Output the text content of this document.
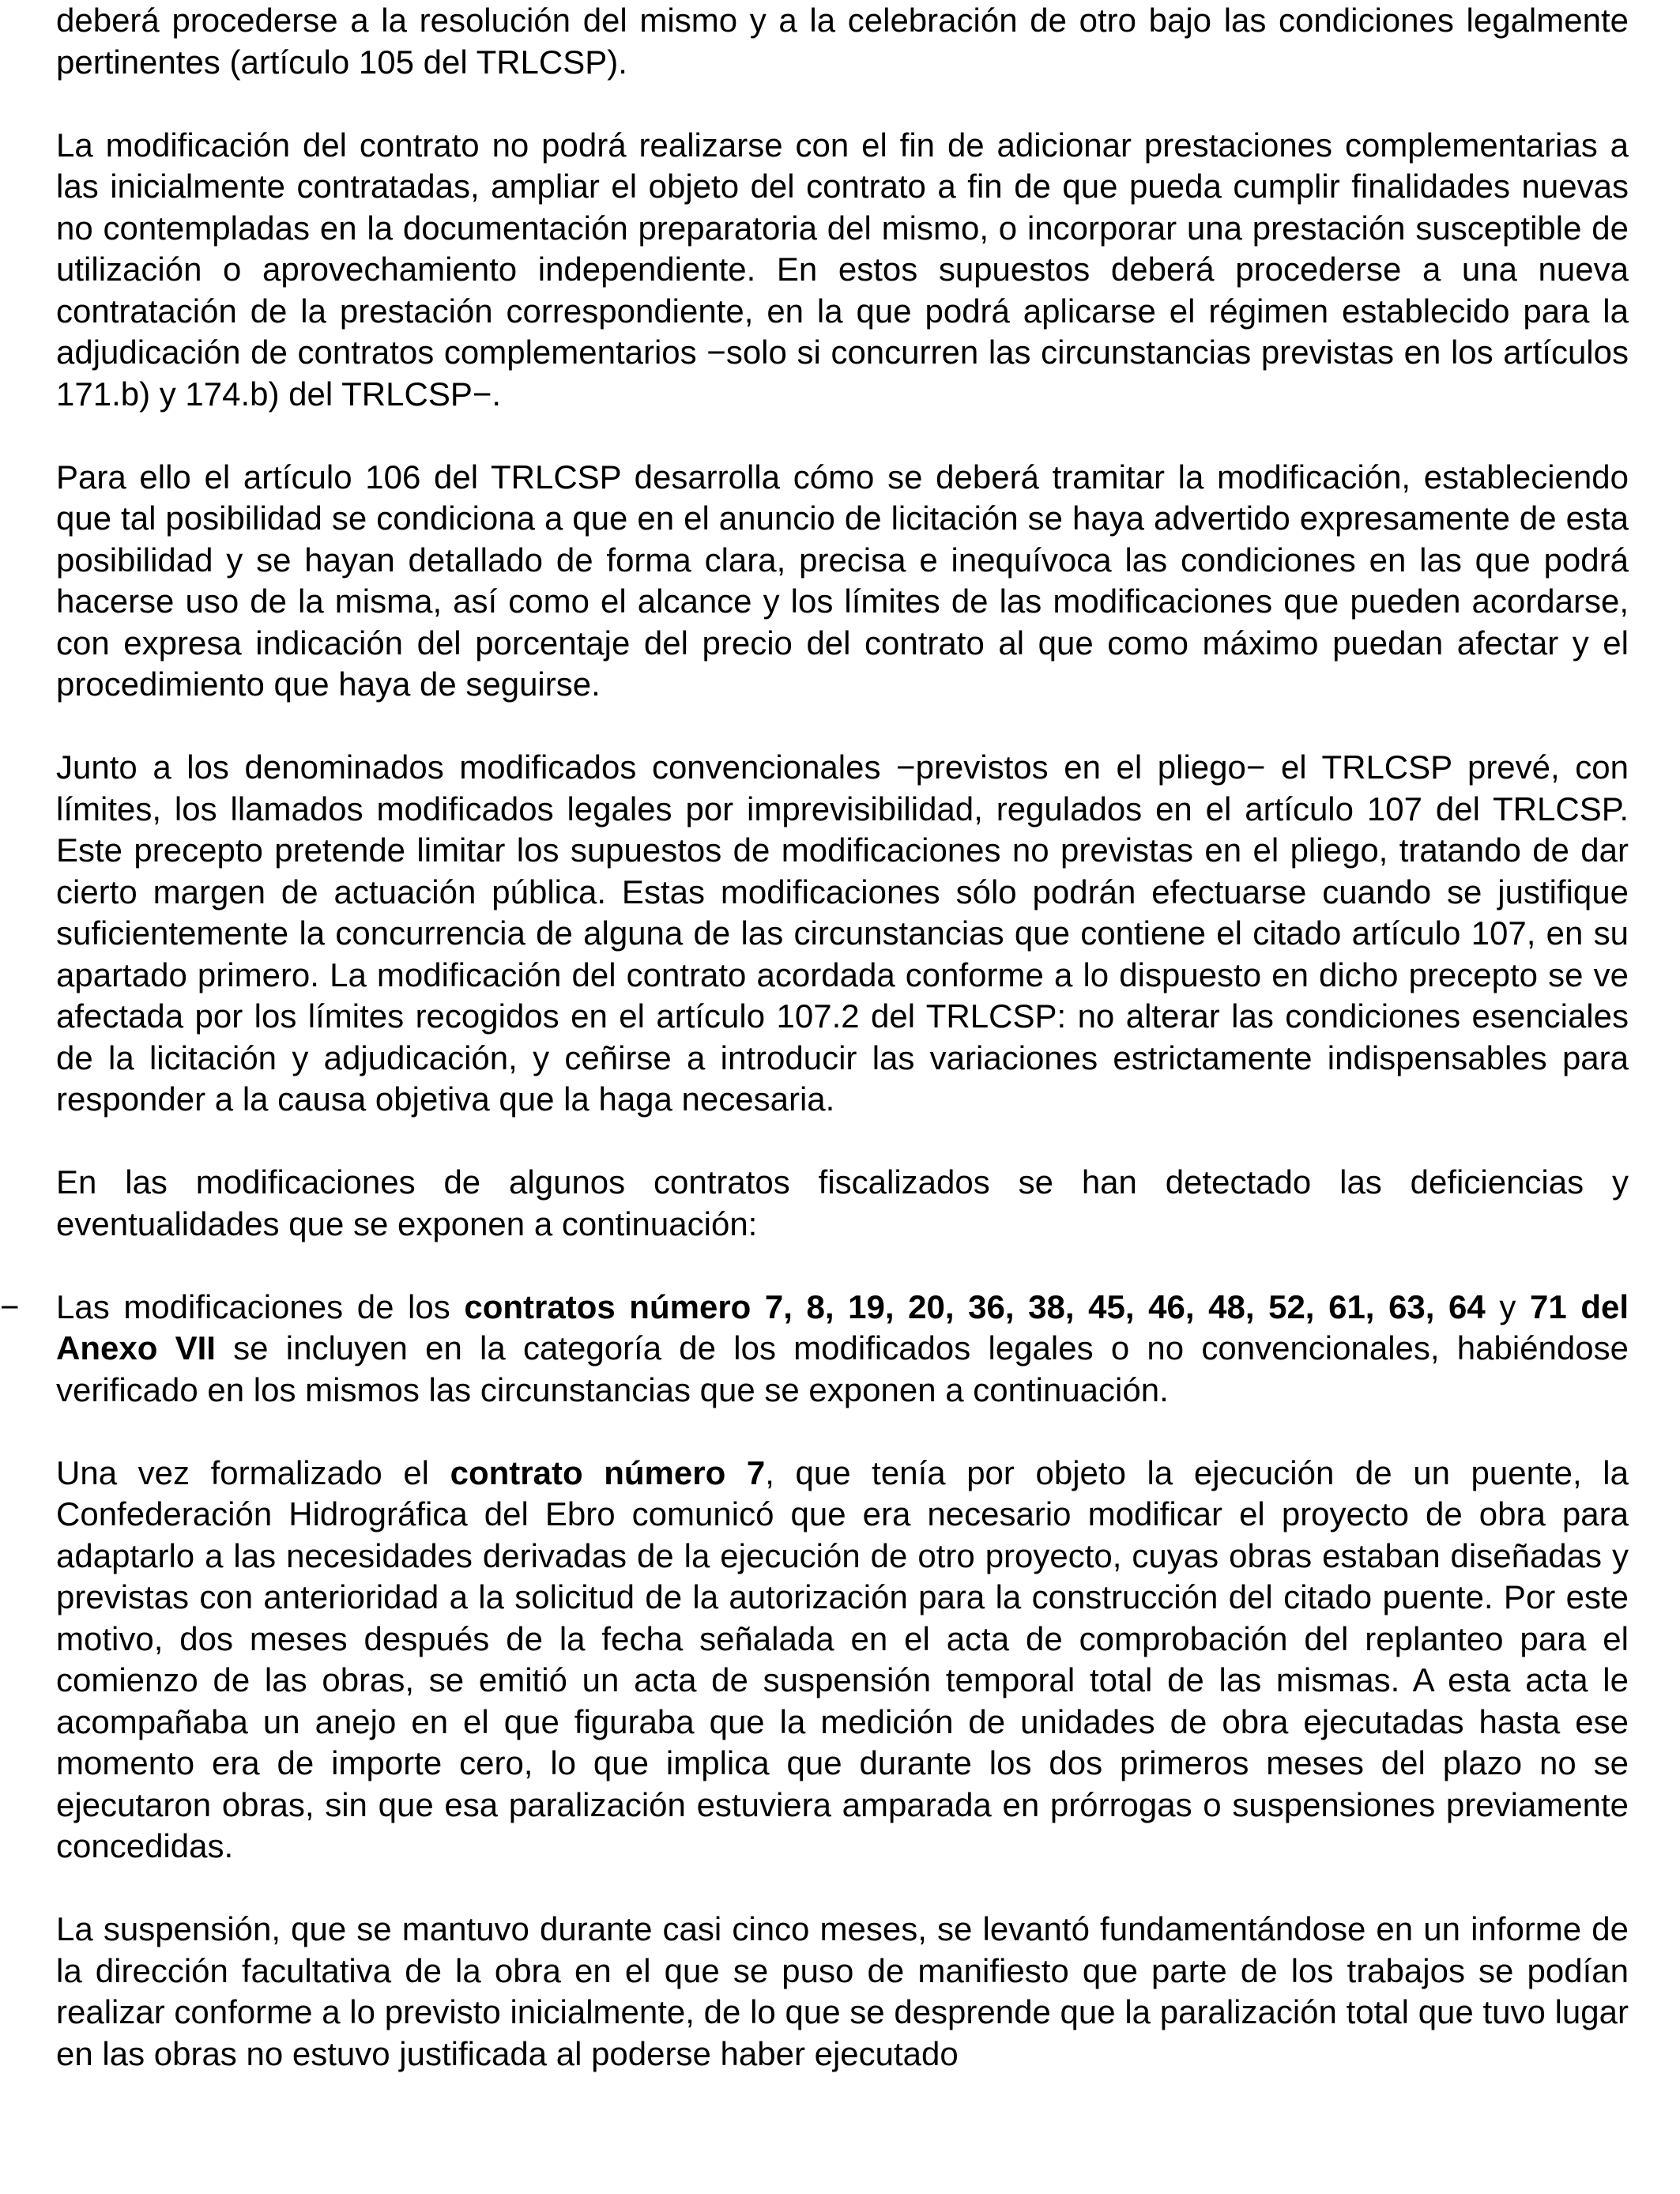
deberá procederse a la resolución del mismo y a la celebración de otro bajo las condiciones legalmente pertinentes (artículo 105 del TRLCSP).

La modificación del contrato no podrá realizarse con el fin de adicionar prestaciones complementarias a las inicialmente contratadas, ampliar el objeto del contrato a fin de que pueda cumplir finalidades nuevas no contempladas en la documentación preparatoria del mismo, o incorporar una prestación susceptible de utilización o aprovechamiento independiente. En estos supuestos deberá procederse a una nueva contratación de la prestación correspondiente, en la que podrá aplicarse el régimen establecido para la adjudicación de contratos complementarios −solo si concurren las circunstancias previstas en los artículos 171.b) y 174.b) del TRLCSP−.

Para ello el artículo 106 del TRLCSP desarrolla cómo se deberá tramitar la modificación, estableciendo que tal posibilidad se condiciona a que en el anuncio de licitación se haya advertido expresamente de esta posibilidad y se hayan detallado de forma clara, precisa e inequívoca las condiciones en las que podrá hacerse uso de la misma, así como el alcance y los límites de las modificaciones que pueden acordarse, con expresa indicación del porcentaje del precio del contrato al que como máximo puedan afectar y el procedimiento que haya de seguirse.

Junto a los denominados modificados convencionales −previstos en el pliego− el TRLCSP prevé, con límites, los llamados modificados legales por imprevisibilidad, regulados en el artículo 107 del TRLCSP. Este precepto pretende limitar los supuestos de modificaciones no previstas en el pliego, tratando de dar cierto margen de actuación pública. Estas modificaciones sólo podrán efectuarse cuando se justifique suficientemente la concurrencia de alguna de las circunstancias que contiene el citado artículo 107, en su apartado primero. La modificación del contrato acordada conforme a lo dispuesto en dicho precepto se ve afectada por los límites recogidos en el artículo 107.2 del TRLCSP: no alterar las condiciones esenciales de la licitación y adjudicación, y ceñirse a introducir las variaciones estrictamente indispensables para responder a la causa objetiva que la haga necesaria.

En las modificaciones de algunos contratos fiscalizados se han detectado las deficiencias y eventualidades que se exponen a continuación:

−	Las modificaciones de los contratos número 7, 8, 19, 20, 36, 38, 45, 46, 48, 52, 61, 63, 64 y 71 del Anexo VII se incluyen en la categoría de los modificados legales o no convencionales, habiéndose verificado en los mismos las circunstancias que se exponen a continuación.

Una vez formalizado el contrato número 7, que tenía por objeto la ejecución de un puente, la Confederación Hidrográfica del Ebro comunicó que era necesario modificar el proyecto de obra para adaptarlo a las necesidades derivadas de la ejecución de otro proyecto, cuyas obras estaban diseñadas y previstas con anterioridad a la solicitud de la autorización para la construcción del citado puente. Por este motivo, dos meses después de la fecha señalada en el acta de comprobación del replanteo para el comienzo de las obras, se emitió un acta de suspensión temporal total de las mismas. A esta acta le acompañaba un anejo en el que figuraba que la medición de unidades de obra ejecutadas hasta ese momento era de importe cero, lo que implica que durante los dos primeros meses del plazo no se ejecutaron obras, sin que esa paralización estuviera amparada en prórrogas o suspensiones previamente concedidas.

La suspensión, que se mantuvo durante casi cinco meses, se levantó fundamentándose en un informe de la dirección facultativa de la obra en el que se puso de manifiesto que parte de los trabajos se podían realizar conforme a lo previsto inicialmente, de lo que se desprende que la paralización total que tuvo lugar en las obras no estuvo justificada al poderse haber ejecutado
